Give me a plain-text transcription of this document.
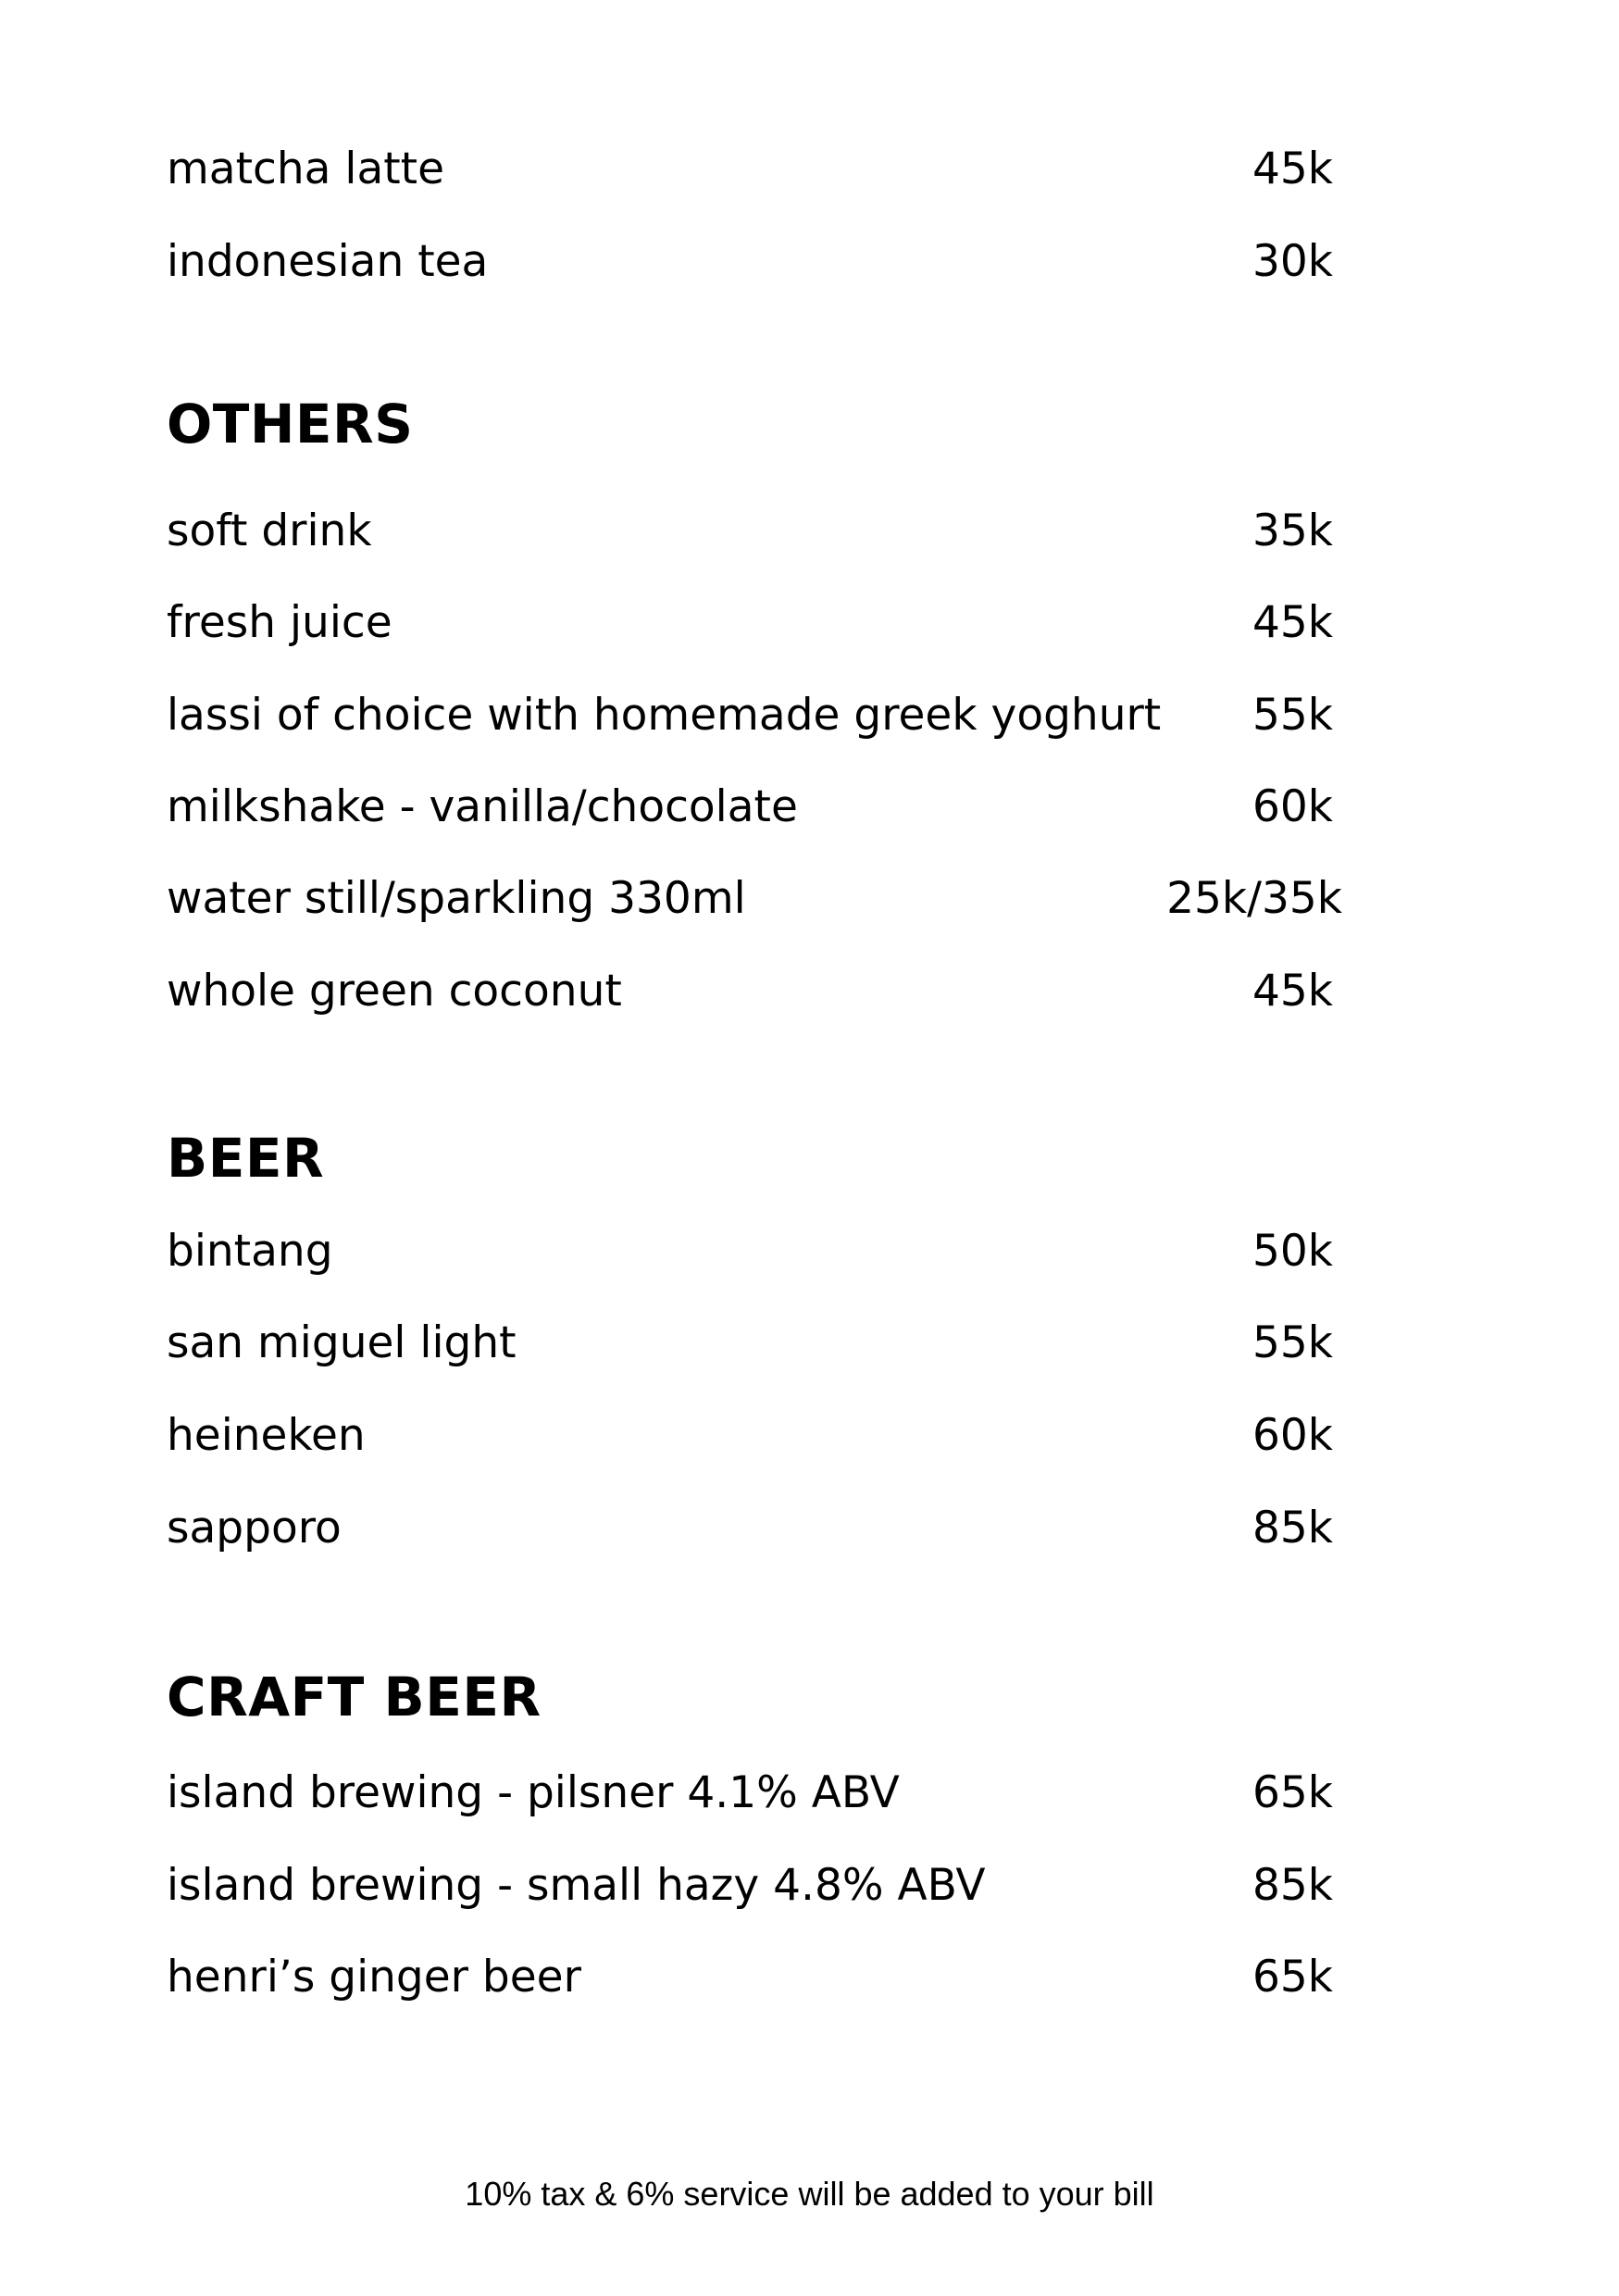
matcha latte	45k
indonesian tea	30k
OTHERS
soft drink	35k
fresh juice	45k
lassi of choice with homemade greek yoghurt 55k
milkshake - vanilla/chocolate	60k
water still/sparkling 330ml	25k/35k
whole green coconut	45k
BEER
bintang	50k
san miguel light	55k
heineken	60k
sapporo	85k
CRAFT BEER
island brewing - pilsner 4.1% ABV	65k
island brewing - small hazy 4.8% ABV	85k
henri’s ginger beer	65k
10% tax & 6% service will be added to your bill
